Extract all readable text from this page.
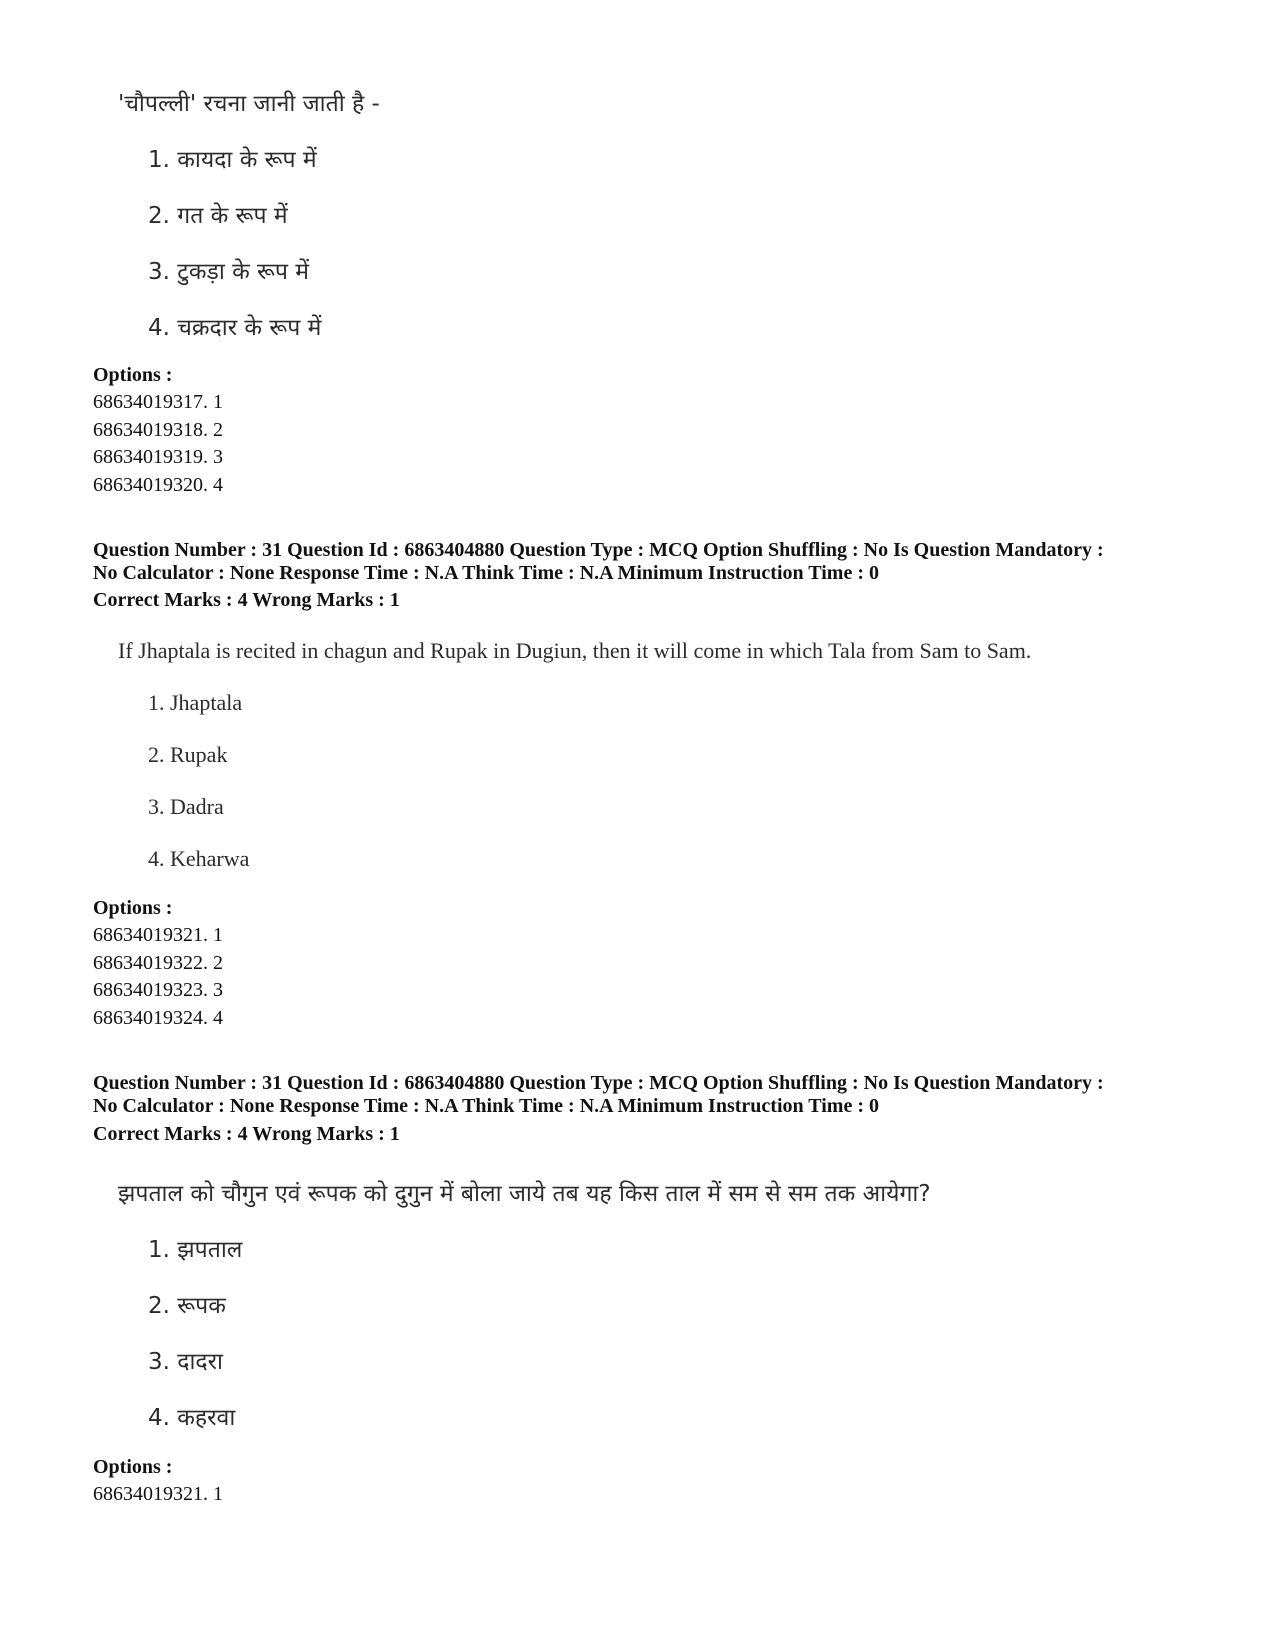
'चौपल्ली' रचना जानी जाती है -
1. कायदा के रूप में
2. गत के रूप में
3. टुकड़ा के रूप में
4. चक्रदार के रूप में
Options :
68634019317. 1
68634019318. 2
68634019319. 3
68634019320. 4
Question Number : 31 Question Id : 6863404880 Question Type : MCQ Option Shuffling : No Is Question Mandatory :
No Calculator : None Response Time : N.A Think Time : N.A Minimum Instruction Time : 0
Correct Marks : 4 Wrong Marks : 1
If Jhaptala is recited in chagun and Rupak in Dugiun, then it will come in which Tala from Sam to Sam.
1. Jhaptala
2. Rupak
3. Dadra
4. Keharwa
Options :
68634019321. 1
68634019322. 2
68634019323. 3
68634019324. 4
Question Number : 31 Question Id : 6863404880 Question Type : MCQ Option Shuffling : No Is Question Mandatory :
No Calculator : None Response Time : N.A Think Time : N.A Minimum Instruction Time : 0
Correct Marks : 4 Wrong Marks : 1
झपताल को चौगुन एवं रूपक को दुगुन में बोला जाये तब यह किस ताल में सम से सम तक आयेगा?
1. झपताल
2. रूपक
3. दादरा
4. कहरवा
Options :
68634019321. 1
